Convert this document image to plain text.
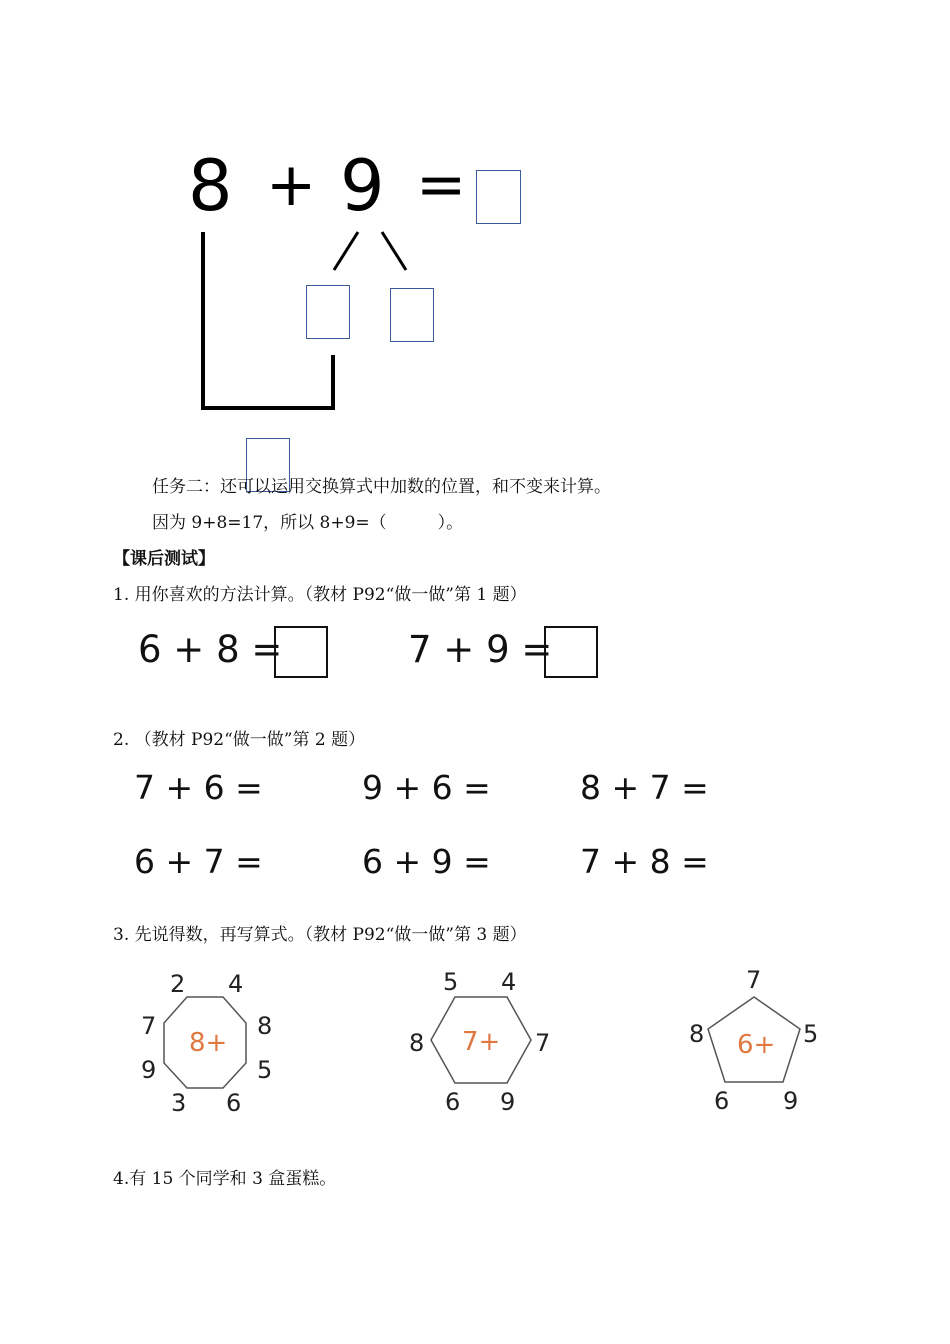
8 + 9 =
任务二：还可以运用交换算式中加数的位置，和不变来计算。
因为 9+8=17，所以 8+9=（　　　）。
【课后测试】
1. 用你喜欢的方法计算。（教材 P92“做一做”第 1 题）
6 + 8 =	7 + 9 =
2. （教材 P92“做一做”第 2 题）
7 + 6 =	9 + 6 =	8 + 7 =
6 + 7 =	6 + 9 =	7 + 8 =
3. 先说得数，再写算式。（教材 P92“做一做”第 3 题）
8+
2 4
7	8
9	5
3 6
7+
5 4
8	7
6 9
6+
7
8	5
6 9
4.有 15 个同学和 3 盒蛋糕。
